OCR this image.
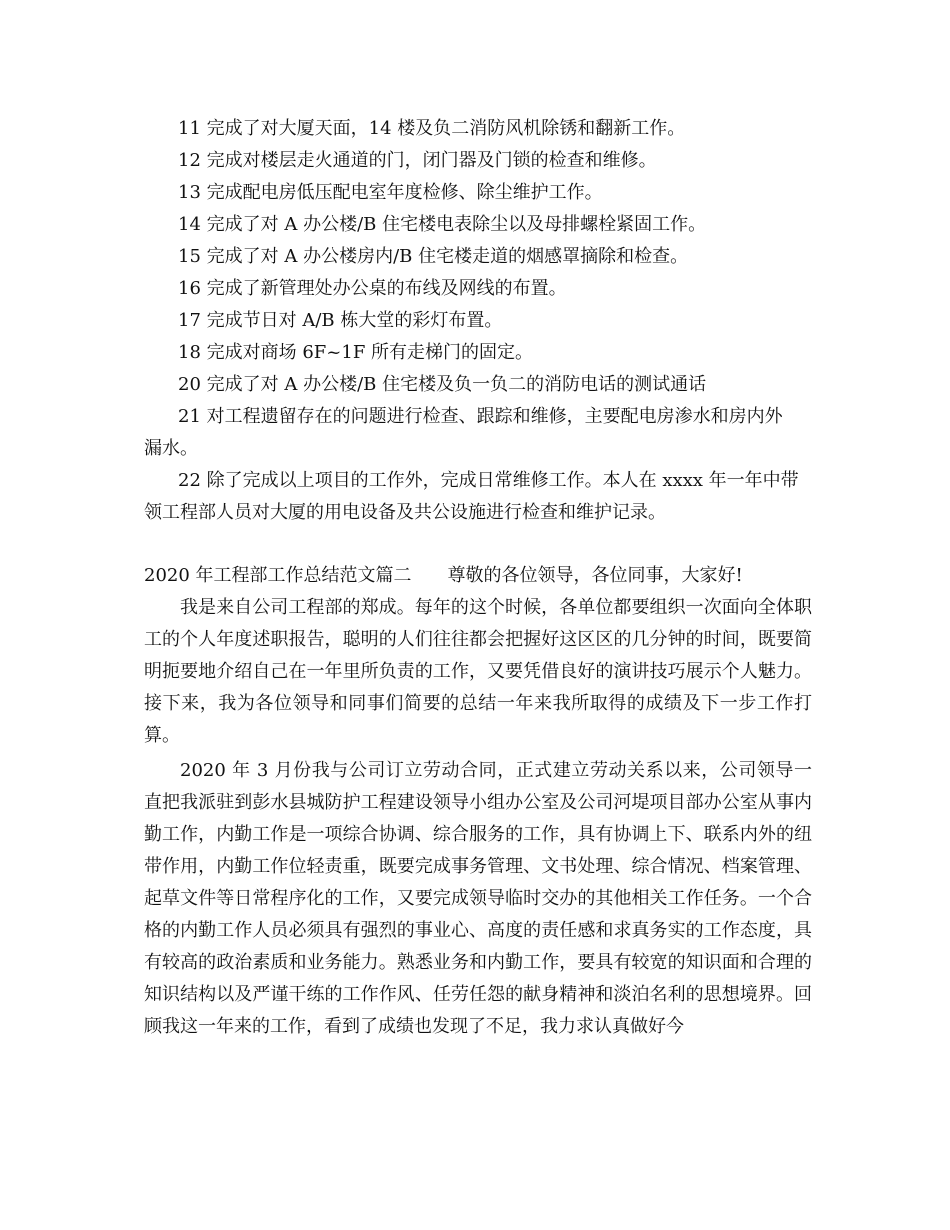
11 完成了对大厦天面，14 楼及负二消防风机除锈和翻新工作。
12 完成对楼层走火通道的门，闭门器及门锁的检查和维修。
13 完成配电房低压配电室年度检修、除尘维护工作。
14 完成了对 A 办公楼/B 住宅楼电表除尘以及母排螺栓紧固工作。
15 完成了对 A 办公楼房内/B 住宅楼走道的烟感罩摘除和检查。
16 完成了新管理处办公桌的布线及网线的布置。
17 完成节日对 A/B 栋大堂的彩灯布置。
18 完成对商场 6F~1F 所有走梯门的固定。
20 完成了对 A 办公楼/B 住宅楼及负一负二的消防电话的测试通话
21 对工程遗留存在的问题进行检查、跟踪和维修，主要配电房渗水和房内外
漏水。
22 除了完成以上项目的工作外，完成日常维修工作。本人在 xxxx 年一年中带
领工程部人员对大厦的用电设备及共公设施进行检查和维护记录。
2020 年工程部工作总结范文篇二 尊敬的各位领导，各位同事，大家好!

我是来自公司工程部的郑成。每年的这个时候，各单位都要组织一次面向全体职工的个人年度述职报告，聪明的人们往往都会把握好这区区的几分钟的时间，既要简明扼要地介绍自己在一年里所负责的工作，又要凭借良好的演讲技巧展示个人魅力。接下来，我为各位领导和同事们简要的总结一年来我所取得的成绩及下一步工作打算。

2020 年 3 月份我与公司订立劳动合同，正式建立劳动关系以来，公司领导一直把我派驻到彭水县城防护工程建设领导小组办公室及公司河堤项目部办公室从事内勤工作，内勤工作是一项综合协调、综合服务的工作，具有协调上下、联系内外的纽带作用，内勤工作位轻责重，既要完成事务管理、文书处理、综合情况、档案管理、起草文件等日常程序化的工作，又要完成领导临时交办的其他相关工作任务。一个合格的内勤工作人员必须具有强烈的事业心、高度的责任感和求真务实的工作态度，具有较高的政治素质和业务能力。熟悉业务和内勤工作，要具有较宽的知识面和合理的知识结构以及严谨干练的工作作风、任劳任怨的献身精神和淡泊名利的思想境界。回顾我这一年来的工作，看到了成绩也发现了不足，我力求认真做好今
